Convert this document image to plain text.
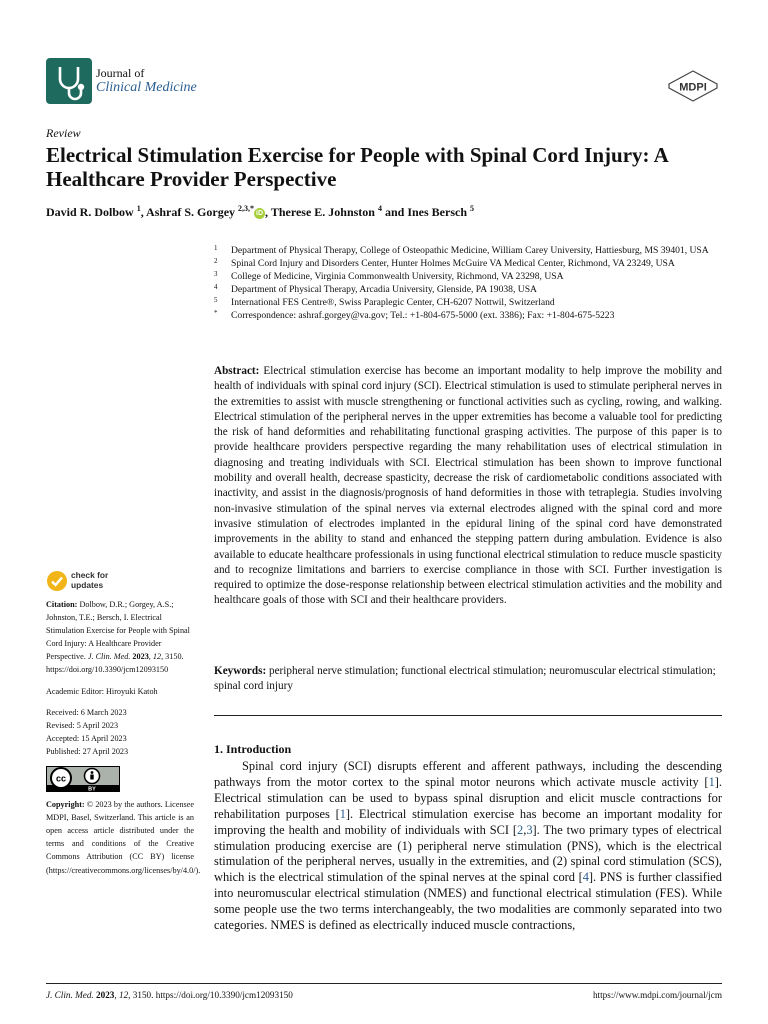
Journal of
Clinical Medicine	MDPI
Review
Electrical Stimulation Exercise for People with Spinal Cord Injury: A Healthcare Provider Perspective
David R. Dolbow $^1$, Ashraf S. Gorgey $^{2,3,*}$iD , Therese E. Johnston $^4$ and Ines Bersch $^5$

1 Department of Physical Therapy, College of Osteopathic Medicine, William Carey University, Hattiesburg, MS 39401, USA

2 Spinal Cord Injury and Disorders Center, Hunter Holmes McGuire VA Medical Center, Richmond, VA 23249, USA

3 College of Medicine, Virginia Commonwealth University, Richmond, VA 23298, USA

4 Department of Physical Therapy, Arcadia University, Glenside, PA 19038, USA

5 International FES Centre®, Swiss Paraplegic Center, CH-6207 Nottwil, Switzerland

* Correspondence: ashraf.gorgey@va.gov; Tel.: +1-804-675-5000 (ext. 3386); Fax: +1-804-675-5223

Abstract: Electrical stimulation exercise has become an important modality to help improve the mobility and health of individuals with spinal cord injury (SCI). Electrical stimulation is used to stimulate peripheral nerves in the extremities to assist with muscle strengthening or functional activities such as cycling, rowing, and walking. Electrical stimulation of the peripheral nerves in the upper extremities has become a valuable tool for predicting the risk of hand deformities and rehabilitating functional grasping activities. The purpose of this paper is to provide healthcare providers perspective regarding the many rehabilitation uses of electrical stimulation in diagnosing and treating individuals with SCI. Electrical stimulation has been shown to improve functional mobility and overall health, decrease spasticity, decrease the risk of cardiometabolic conditions associated with inactivity, and assist in the diagnosis/prognosis of hand deformities in those with tetraplegia. Studies involving non-invasive stimulation of the spinal nerves via external electrodes aligned with the spinal cord and more invasive stimulation of electrodes implanted in the epidural lining of the spinal cord have demonstrated improvements in the ability to stand and enhanced the stepping pattern during ambulation. Evidence is also available to educate healthcare professionals in using functional electrical stimulation to reduce muscle spasticity and to recognize limitations and barriers to exercise compliance in those with SCI. Further investigation is required to optimize the dose-response relationship between electrical stimulation activities and the mobility and healthcare goals of those with SCI and their healthcare providers.
Keywords: peripheral nerve stimulation; functional electrical stimulation; neuromuscular electrical stimulation; spinal cord injury
1. Introduction
Spinal cord injury (SCI) disrupts efferent and afferent pathways, including the descending pathways from the motor cortex to the spinal motor neurons which activate muscle activity [1]. Electrical stimulation can be used to bypass spinal disruption and elicit muscle contractions for rehabilitation purposes [1]. Electrical stimulation exercise has become an important modality for improving the health and mobility of individuals with SCI [2,3]. The two primary types of electrical stimulation producing exercise are (1) peripheral nerve stimulation (PNS), which is the electrical stimulation of the peripheral nerves, usually in the extremities, and (2) spinal cord stimulation (SCS), which is the electrical stimulation of the spinal nerves at the spinal cord [4]. PNS is further classified into neuromuscular electrical stimulation (NMES) and functional electrical stimulation (FES). While some people use the two terms interchangeably, the two modalities are commonly separated into two categories. NMES is defined as electrically induced muscle contractions,
check for
updates
Citation: Dolbow, D.R.; Gorgey, A.S.; Johnston, T.E.; Bersch, I. Electrical Stimulation Exercise for People with Spinal Cord Injury: A Healthcare Provider Perspective. J. Clin. Med. 2023, 12, 3150. https://doi.org/10.3390/jcm12093150
Academic Editor: Hiroyuki Katoh
Received: 6 March 2023
Revised: 5 April 2023
Accepted: 15 April 2023
Published: 27 April 2023
cc
BY
Copyright: © 2023 by the authors. Licensee MDPI, Basel, Switzerland. This article is an open access article distributed under the terms and conditions of the Creative Commons Attribution (CC BY) license (https://creativecommons.org/licenses/by/4.0/).
J. Clin. Med. 2023, 12, 3150. https://doi.org/10.3390/jcm12093150	https://www.mdpi.com/journal/jcm
